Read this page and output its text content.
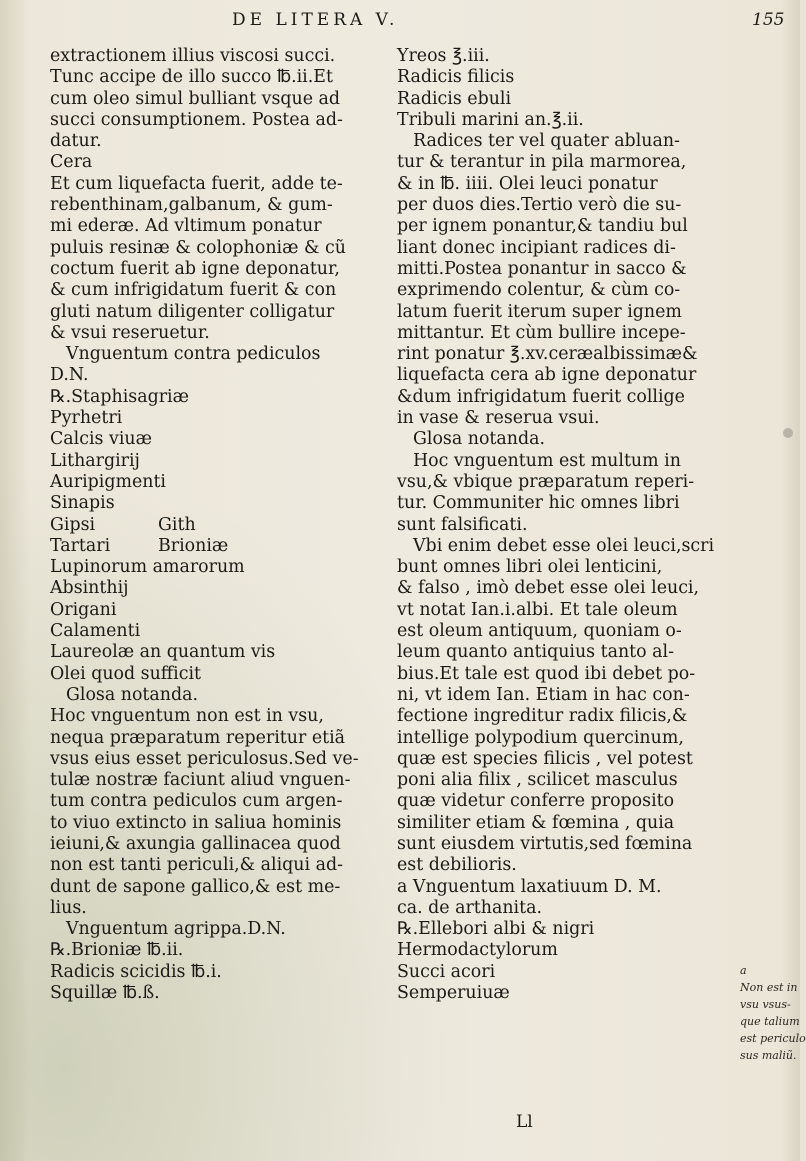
DE LITERA V.	155
extractionem illius viscosi succi.
Tunc accipe de illo succo ℔.ii.Et
cum oleo simul bulliant vsque ad
succi consumptionem. Postea ad-
datur.
Cera
Et cum liquefacta fuerit, adde te-
rebenthinam,galbanum, & gum-
mi ederæ. Ad vltimum ponatur
puluis resinæ & colophoniæ & cũ
coctum fuerit ab igne deponatur,
& cum infrigidatum fuerit & con
gluti natum diligenter colligatur
& vsui reseruetur.
Vnguentum contra pediculos
D.N.
℞.Staphisagriæ
Pyrhetri
Calcis viuæ
Lithargirij
Auripigmenti
Sinapis
Gipsi	Gith
Tartari	Brioniæ
Lupinorum amarorum
Absinthij
Origani
Calamenti
Laureolæ an quantum vis
Olei quod sufficit
Glosa notanda.
Hoc vnguentum non est in vsu,
nequa præparatum reperitur etiã
vsus eius esset periculosus.Sed ve-
tulæ nostræ faciunt aliud vnguen-
tum contra pediculos cum argen-
to viuo extincto in saliua hominis
ieiuni,& axungia gallinacea quod
non est tanti periculi,& aliqui ad-
dunt de sapone gallico,& est me-
lius.
Vnguentum agrippa.D.N.
℞.Brioniæ ℔.ii.
Radicis scicidis ℔.i.
Squillæ ℔.ß.
Yreos ℥.iii.
Radicis filicis
Radicis ebuli
Tribuli marini an.℥.ii.
Radices ter vel quater abluan-
tur & terantur in pila marmorea,
& in ℔. iiii. Olei leuci ponatur
per duos dies.Tertio verò die su-
per ignem ponantur,& tandiu bul
liant donec incipiant radices di-
mitti.Postea ponantur in sacco &
exprimendo colentur, & cùm co-
latum fuerit iterum super ignem
mittantur. Et cùm bullire incepe-
rint ponatur ℥.xv.ceræalbissimæ&
liquefacta cera ab igne deponatur
&dum infrigidatum fuerit collige
in vase & reserua vsui.
Glosa notanda.
Hoc vnguentum est multum in
vsu,& vbique præparatum reperi-
tur. Communiter hic omnes libri
sunt falsificati.
Vbi enim debet esse olei leuci,scri
bunt omnes libri olei lenticini,
& falso , imò debet esse olei leuci,
vt notat Ian.i.albi. Et tale oleum
est oleum antiquum, quoniam o-
leum quanto antiquius tanto al-
bius.Et tale est quod ibi debet po-
ni, vt idem Ian. Etiam in hac con-
fectione ingreditur radix filicis,&
intellige polypodium quercinum,
quæ est species filicis , vel potest
poni alia filix , scilicet masculus
quæ videtur conferre proposito
similiter etiam & fœmina , quia
sunt eiusdem virtutis,sed fœmina
est debilioris.
a Vnguentum laxatiuum D. M.
ca. de arthanita.
℞.Ellebori albi & nigri
Hermodactylorum
Succi acori
Semperuiuæ
a
Non est in
vsu vsus-
que talium
est periculo
sus maliũ.
Ll
